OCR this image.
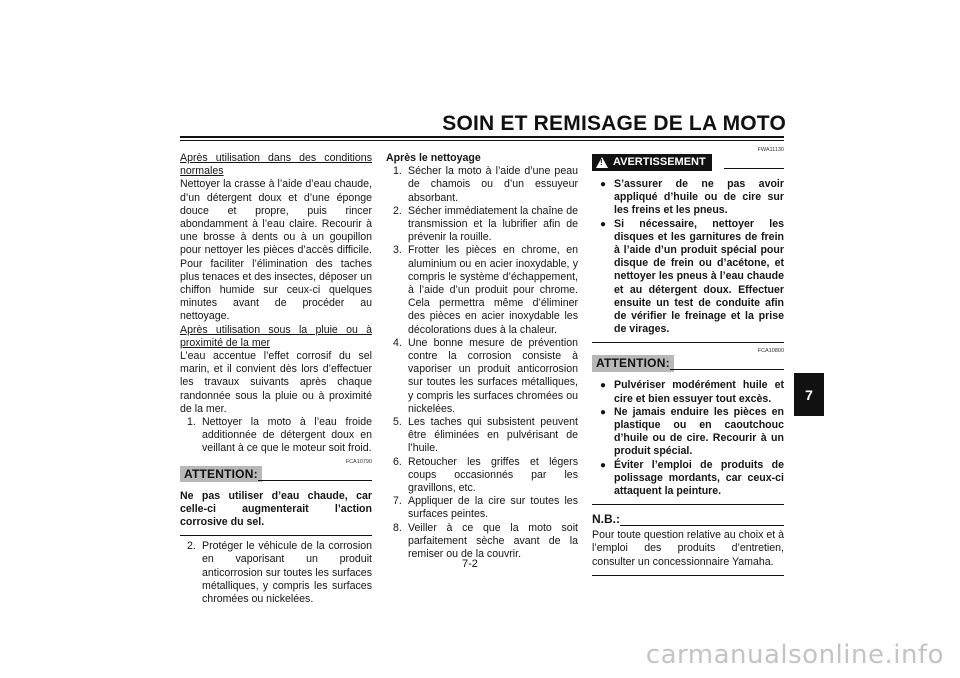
SOIN ET REMISAGE DE LA MOTO

Après utilisation dans des conditions normales

Nettoyer la crasse à l’aide d’eau chaude, d’un détergent doux et d’une éponge douce et propre, puis rincer abondamment à l’eau claire. Recourir à une brosse à dents ou à un goupillon pour nettoyer les pièces d’accès difficile. Pour faciliter l’élimination des taches plus tenaces et des insectes, déposer un chiffon humide sur ceux-ci quelques minutes avant de procéder au nettoyage.

Après utilisation sous la pluie ou à proximité de la mer

L’eau accentue l’effet corrosif du sel marin, et il convient dès lors d’effectuer les travaux suivants après chaque randonnée sous la pluie ou à proximité de la mer.

1. Nettoyer la moto à l’eau froide additionnée de détergent doux en veillant à ce que le moteur soit froid.
FCA10790
ATTENTION:

Ne pas utiliser d’eau chaude, car celle-ci augmenterait l’action corrosive du sel.

2. Protéger le véhicule de la corrosion en vaporisant un produit anticorrosion sur toutes les surfaces métalliques, y compris les surfaces chromées ou nickelées.

Après le nettoyage

1. Sécher la moto à l’aide d’une peau de chamois ou d’un essuyeur absorbant.
2. Sécher immédiatement la chaîne de transmission et la lubrifier afin de prévenir la rouille.
3. Frotter les pièces en chrome, en aluminium ou en acier inoxydable, y compris le système d’échappement, à l’aide d’un produit pour chrome. Cela permettra même d’éliminer des pièces en acier inoxydable les décolorations dues à la chaleur.
4. Une bonne mesure de prévention contre la corrosion consiste à vaporiser un produit anticorrosion sur toutes les surfaces métalliques, y compris les surfaces chromées ou nickelées.
5. Les taches qui subsistent peuvent être éliminées en pulvérisant de l’huile.
6. Retoucher les griffes et légers coups occasionnés par les gravillons, etc.
7. Appliquer de la cire sur toutes les surfaces peintes.
8. Veiller à ce que la moto soit parfaitement sèche avant de la remiser ou de la couvrir.
FWA11130
! AVERTISSEMENT
● S’assurer de ne pas avoir appliqué d’huile ou de cire sur les freins et les pneus.
● Si nécessaire, nettoyer les disques et les garnitures de frein à l’aide d’un produit spécial pour disque de frein ou d’acétone, et nettoyer les pneus à l’eau chaude et au détergent doux. Effectuer ensuite un test de conduite afin de vérifier le freinage et la prise de virages.
FCA10800
ATTENTION:
● Pulvériser modérément huile et cire et bien essuyer tout excès.
● Ne jamais enduire les pièces en plastique ou en caoutchouc d’huile ou de cire. Recourir à un produit spécial.
● Éviter l’emploi de produits de polissage mordants, car ceux-ci attaquent la peinture.
N.B.:

Pour toute question relative au choix et à l’emploi des produits d’entretien, consulter un concessionnaire Yamaha.

7-2
7
carmanualsonline.info
